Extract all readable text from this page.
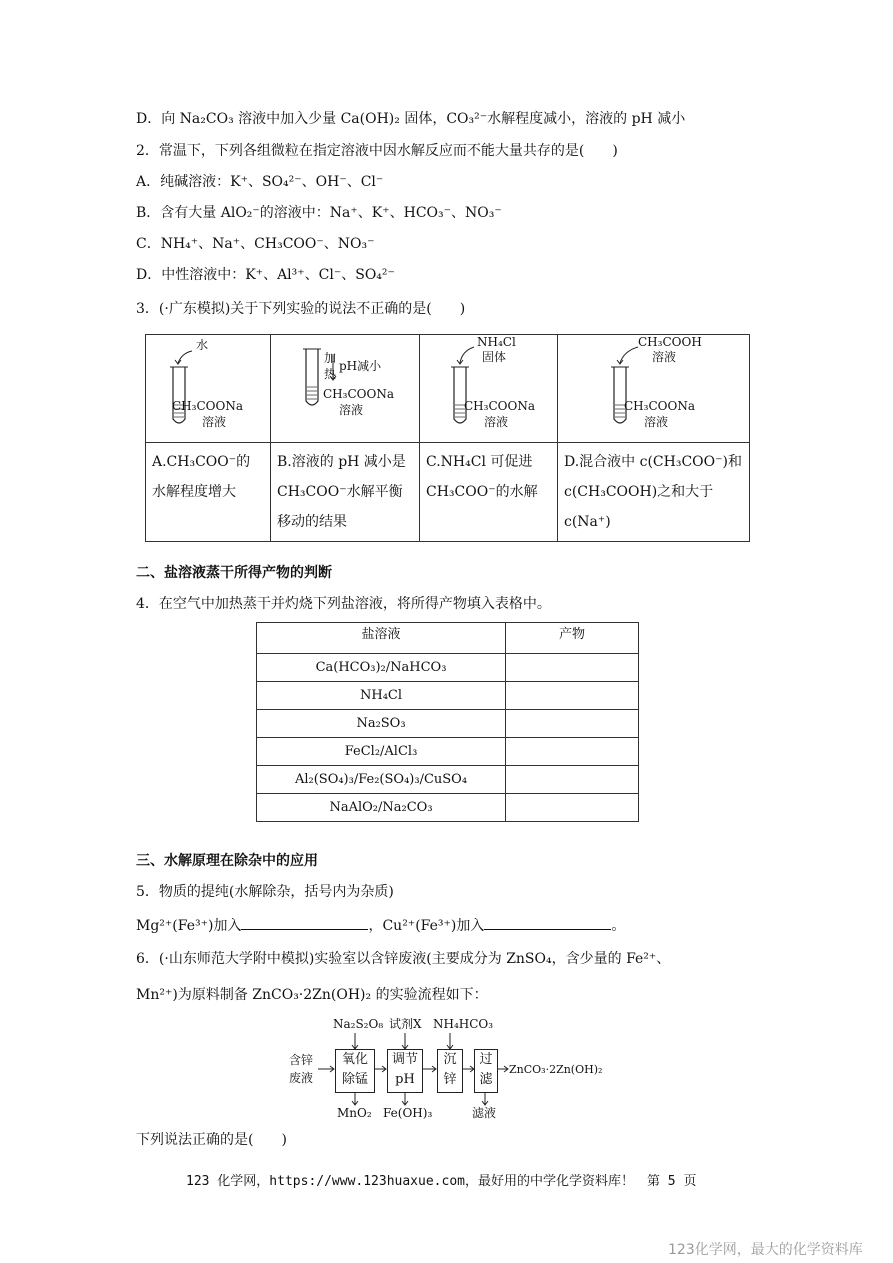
D．向 Na₂CO₃ 溶液中加入少量 Ca(OH)₂ 固体，CO₃²⁻水解程度减小，溶液的 pH 减小
2．常温下，下列各组微粒在指定溶液中因水解反应而不能大量共存的是(　　)
A．纯碱溶液：K⁺、SO₄²⁻、OH⁻、Cl⁻
B．含有大量 AlO₂⁻的溶液中：Na⁺、K⁺、HCO₃⁻、NO₃⁻
C．NH₄⁺、Na⁺、CH₃COO⁻、NO₃⁻
D．中性溶液中：K⁺、Al³⁺、Cl⁻、SO₄²⁻
3．(·广东模拟)关于下列实验的说法不正确的是(　　)
水
CH₃COONa
溶液	加
热
pH减小
CH₃COONa
溶液	NH₄Cl
固体
CH₃COONa
溶液	CH₃COOH
溶液
CH₃COONa
溶液

A.CH₃COO⁻的水解程度增大	B.溶液的 pH 减小是 CH₃COO⁻水解平衡移动的结果	C.NH₄Cl 可促进 CH₃COO⁻的水解	D.混合液中 c(CH₃COO⁻)和 c(CH₃COOH)之和大于 c(Na⁺)
二、盐溶液蒸干所得产物的判断
4．在空气中加热蒸干并灼烧下列盐溶液，将所得产物填入表格中。
盐溶液	产物
Ca(HCO₃)₂/NaHCO₃	
NH₄Cl	
Na₂SO₃	
FeCl₂/AlCl₃	
Al₂(SO₄)₃/Fe₂(SO₄)₃/CuSO₄	
NaAlO₂/Na₂CO₃	
三、水解原理在除杂中的应用
5．物质的提纯(水解除杂，括号内为杂质)
Mg²⁺(Fe³⁺)加入	，Cu²⁺(Fe³⁺)加入	。
6．(·山东师范大学附中模拟)实验室以含锌废液(主要成分为 ZnSO₄，含少量的 Fe²⁺、
Mn²⁺)为原料制备 ZnCO₃·2Zn(OH)₂ 的实验流程如下：
Na₂S₂O₈ 试剂X NH₄HCO₃
含锌
废液
氧化
除锰
调节
pH
沉
锌
过
滤
ZnCO₃·2Zn(OH)₂
MnO₂ Fe(OH)₃	滤液
下列说法正确的是(　　)
123 化学网，https://www.123huaxue.com，最好用的中学化学资料库！　第 5 页
123化学网，最大的化学资料库
